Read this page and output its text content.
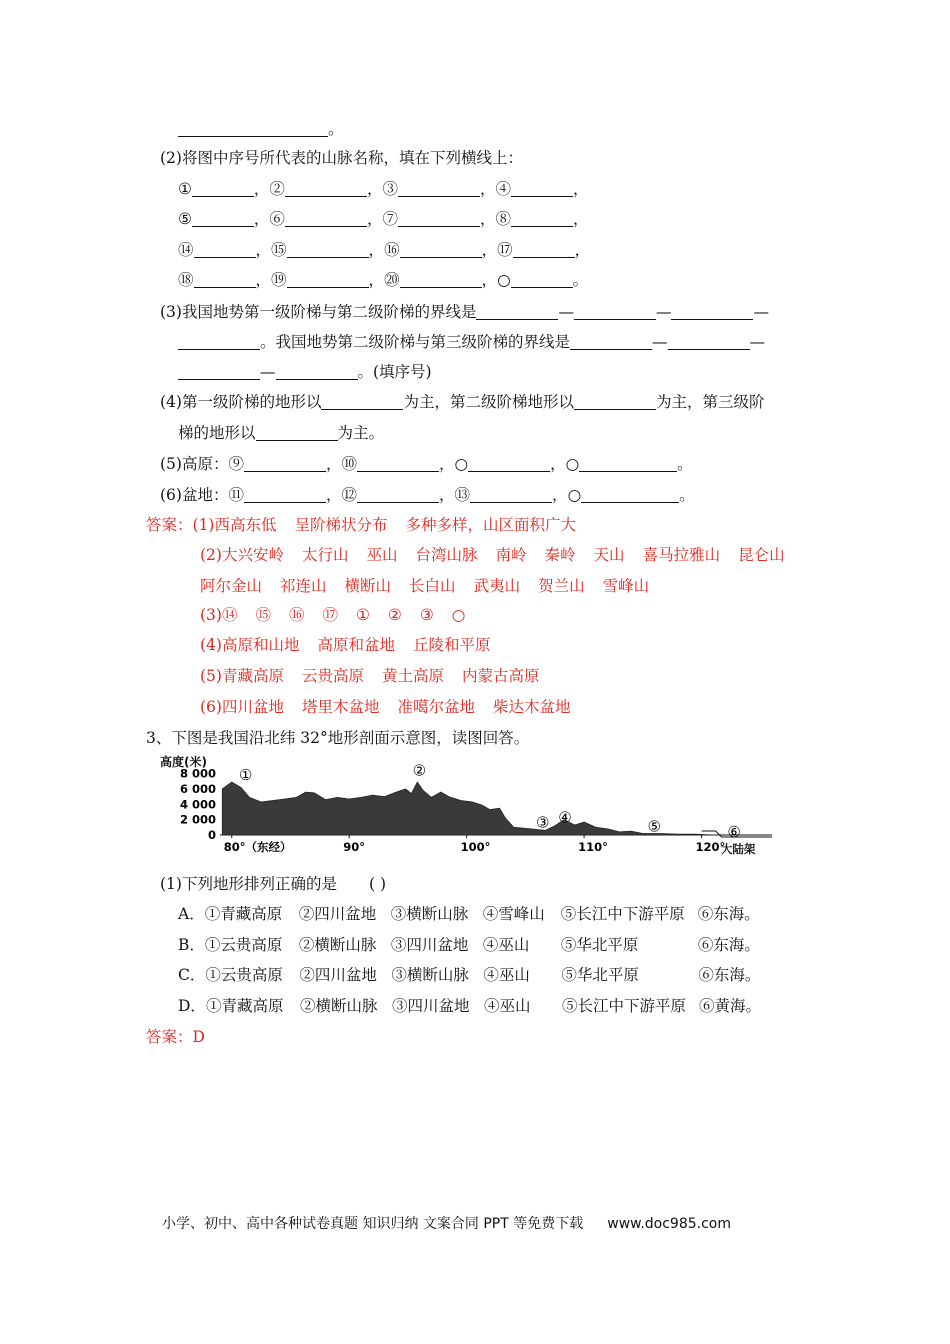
。
(2)将图中序号所代表的山脉名称，填在下列横线上：
①	，②	，③	，④	，
⑤	，⑥	，⑦	，⑧	，
⑭	，⑮	，⑯	，⑰	，
⑱	，⑲	，⑳	，○	。
(3)我国地势第一级阶梯与第二级阶梯的界线是	—	—	—
。我国地势第二级阶梯与第三级阶梯的界线是	—	—
—	。(填序号)
(4)第一级阶梯的地形以	为主，第二级阶梯地形以	为主，第三级阶
梯的地形以	为主。
(5)高原：⑨	，⑩	，○	，○	。
(6)盆地：⑪	，⑫	，⑬	，○	。
答案：(1)西高东低 呈阶梯状分布 多种多样，山区面积广大
(2)大兴安岭 太行山 巫山 台湾山脉 南岭 秦岭 天山 喜马拉雅山 昆仑山
阿尔金山 祁连山 横断山 长白山 武夷山 贺兰山 雪峰山
(3)⑭ ⑮ ⑯ ⑰ ① ② ③ ○
(4)高原和山地 高原和盆地 丘陵和平原
(5)青藏高原 云贵高原 黄土高原 内蒙古高原
(6)四川盆地 塔里木盆地 准噶尔盆地 柴达木盆地
3、下图是我国沿北纬 32°地形剖面示意图，读图回答。
高度(米)
8 000
6 000
4 000
2 000
0
80°（东经）	90°	100°	110°	120°
①	②
③ ④
⑤	⑥
大陆架
(1)下列地形排列正确的是 ( )
A．①青藏高原 ②四川盆地 ③横断山脉 ④雪峰山 ⑤长江中下游平原 ⑥东海。
B．①云贵高原 ②横断山脉 ③四川盆地 ④巫山 ⑤华北平原	⑥东海。
C．①云贵高原 ②四川盆地 ③横断山脉 ④巫山 ⑤华北平原	⑥东海。
D．①青藏高原 ②横断山脉 ③四川盆地 ④巫山 ⑤长江中下游平原 ⑥黄海。
答案：D
小学、初中、高中各种试卷真题 知识归纳 文案合同 PPT 等免费下载 www.doc985.com
